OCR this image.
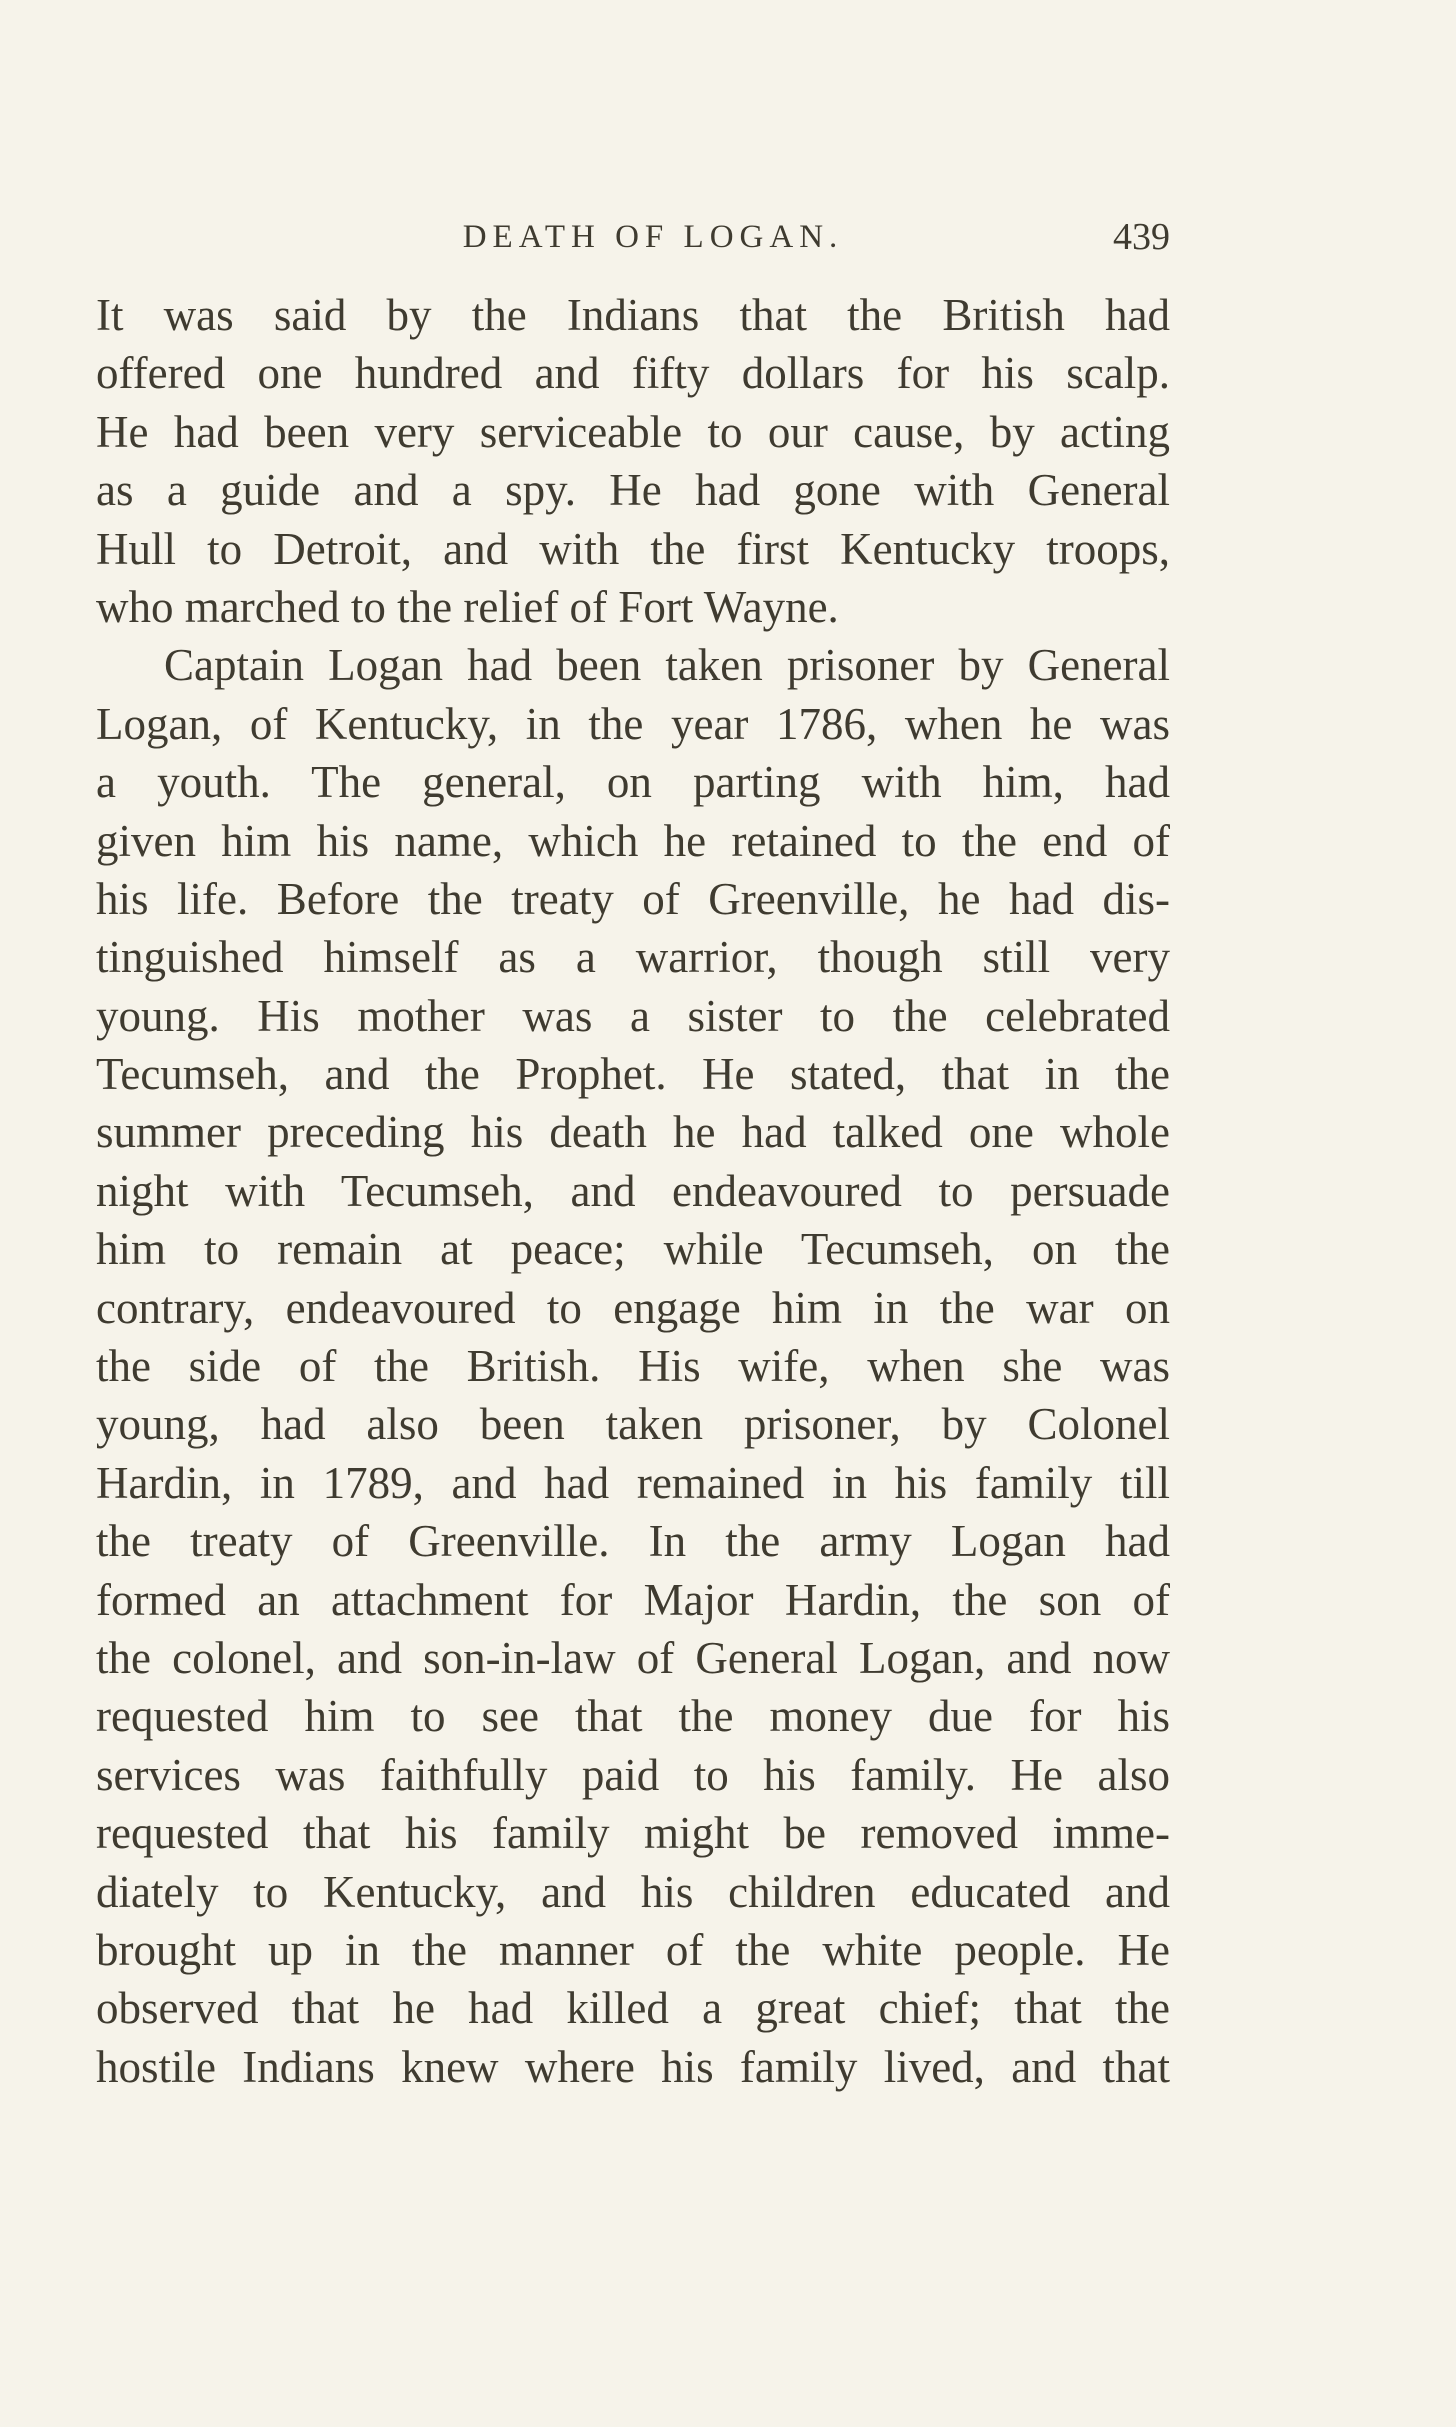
DEATH OF LOGAN.	439
It was said by the Indians that the British had
offered one hundred and fifty dollars for his scalp.
He had been very serviceable to our cause, by acting
as a guide and a spy. He had gone with General
Hull to Detroit, and with the first Kentucky troops,
who marched to the relief of Fort Wayne.
Captain Logan had been taken prisoner by General
Logan, of Kentucky, in the year 1786, when he was
a youth. The general, on parting with him, had
given him his name, which he retained to the end of
his life. Before the treaty of Greenville, he had dis-
tinguished himself as a warrior, though still very
young. His mother was a sister to the celebrated
Tecumseh, and the Prophet. He stated, that in the
summer preceding his death he had talked one whole
night with Tecumseh, and endeavoured to persuade
him to remain at peace; while Tecumseh, on the
contrary, endeavoured to engage him in the war on
the side of the British. His wife, when she was
young, had also been taken prisoner, by Colonel
Hardin, in 1789, and had remained in his family till
the treaty of Greenville. In the army Logan had
formed an attachment for Major Hardin, the son of
the colonel, and son-in-law of General Logan, and now
requested him to see that the money due for his
services was faithfully paid to his family. He also
requested that his family might be removed imme-
diately to Kentucky, and his children educated and
brought up in the manner of the white people. He
observed that he had killed a great chief; that the
hostile Indians knew where his family lived, and that
